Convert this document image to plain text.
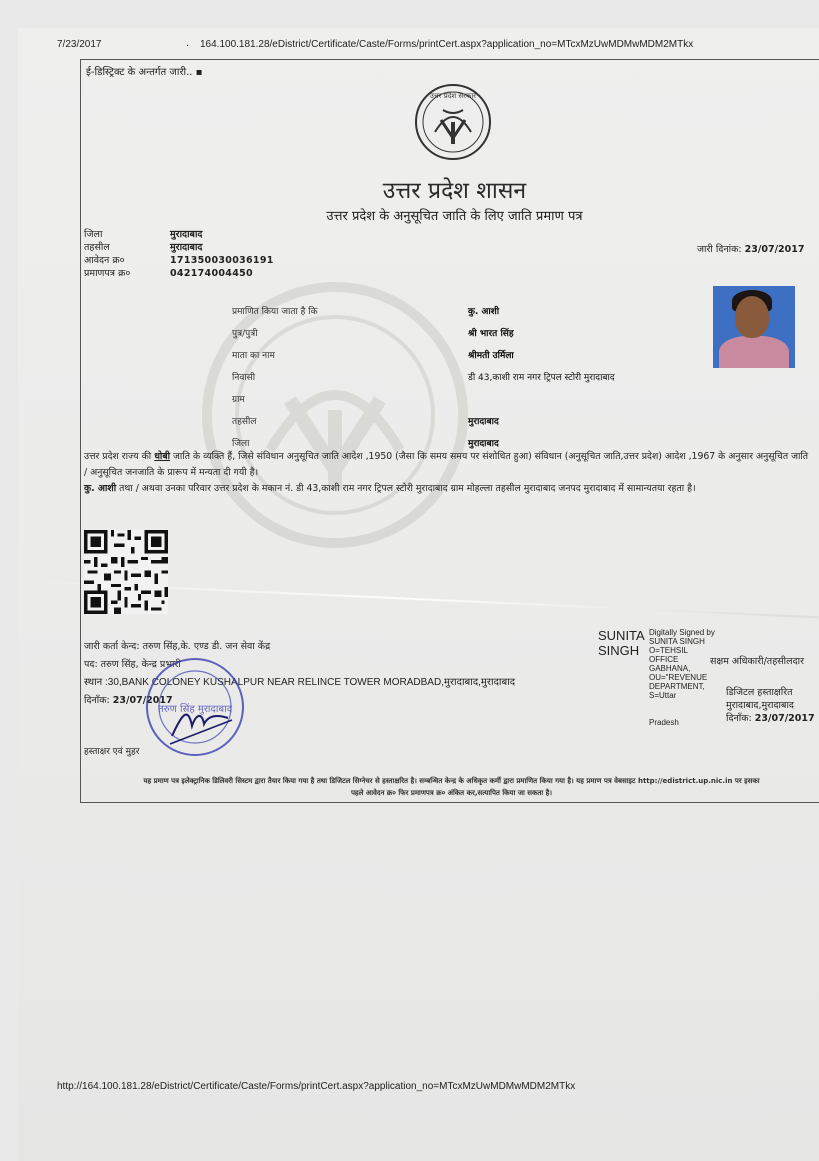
7/23/2017	. 164.100.181.28/eDistrict/Certificate/Caste/Forms/printCert.aspx?application_no=MTcxMzUwMDMwMDM2MTkx
ई-डिस्ट्रिक्ट के अन्तर्गत जारी.. ▪
उत्तर प्रदेश सरकार
उत्तर प्रदेश शासन
उत्तर प्रदेश के अनुसूचित जाति के लिए जाति प्रमाण पत्र
जिला	मुरादाबाद
तहसील	मुरादाबाद
आवेदन क्र०	171350030036191
प्रमाणपत्र क्र०	042174004450
जारी दिनांक: 23/07/2017
प्रमाणित किया जाता है कि	कु. आशी
पुत्र/पुत्री	श्री भारत सिंह
माता का नाम	श्रीमती उर्मिला
निवासी	डी 43,काशी राम नगर ट्रिपल स्टोरी मुरादाबाद
ग्राम
तहसील	मुरादाबाद
जिला	मुरादाबाद
उत्तर प्रदेश राज्य की धोबी जाति के व्यक्ति हैं, जिसे संविधान अनुसूचित जाति आदेश ,1950 (जैसा कि समय समय पर संशोधित हुआ) संविधान (अनुसूचित जाति,उत्तर प्रदेश) आदेश ,1967 के अनुसार अनुसूचित जाति / अनुसूचित जनजाति के प्रारूप में मन्यता दी गयी है।
कु. आशी तथा / अथवा उनका परिवार उत्तर प्रदेश के मकान नं. डी 43,काशी राम नगर ट्रिपल स्टोरी मुरादाबाद ग्राम मोहल्ला तहसील मुरादाबाद जनपद मुरादाबाद में सामान्यतया रहता है।
जारी कर्ता केन्द: तरुण सिंह,के. एण्ड डी. जन सेवा केंद्र
पद: तरुण सिंह, केन्द्र प्रभारी
स्थान :30,BANK COLONEY KUSHALPUR NEAR RELINCE TOWER MORADBAD,मुरादाबाद,मुरादाबाद
दिनाँक: 23/07/2017
तरुण सिंह मुरादाबाद
SUNITA
SINGH
Digitally Signed by SUNITA SINGH O=TEHSIL OFFICE GABHANA, OU="REVENUE DEPARTMENT, S=Uttar
Pradesh
सक्षम अधिकारी/तहसीलदार
डिजिटल हस्ताक्षरित
मुरादाबाद,मुरादाबाद
दिनाँक: 23/07/2017
हस्ताक्षर एवं मुहर
यह प्रमाण पत्र इलेक्ट्रानिक डिलिवरी सिस्टम द्वारा तैयार किया गया है तथा डिजिटल सिग्नेचर से हस्ताक्षरित है। सम्बन्धित केन्द्र के अधिकृत कर्मी द्वारा प्रमाणित किया गया है। यह प्रमाण पत्र वेबसाइट http://edistrict.up.nic.in पर इसका
पहले आवेदन क्र० फिर प्रमाणपत्र क्र० अंकित कर,सत्यापित किया जा सकता है।
http://164.100.181.28/eDistrict/Certificate/Caste/Forms/printCert.aspx?application_no=MTcxMzUwMDMwMDM2MTkx
